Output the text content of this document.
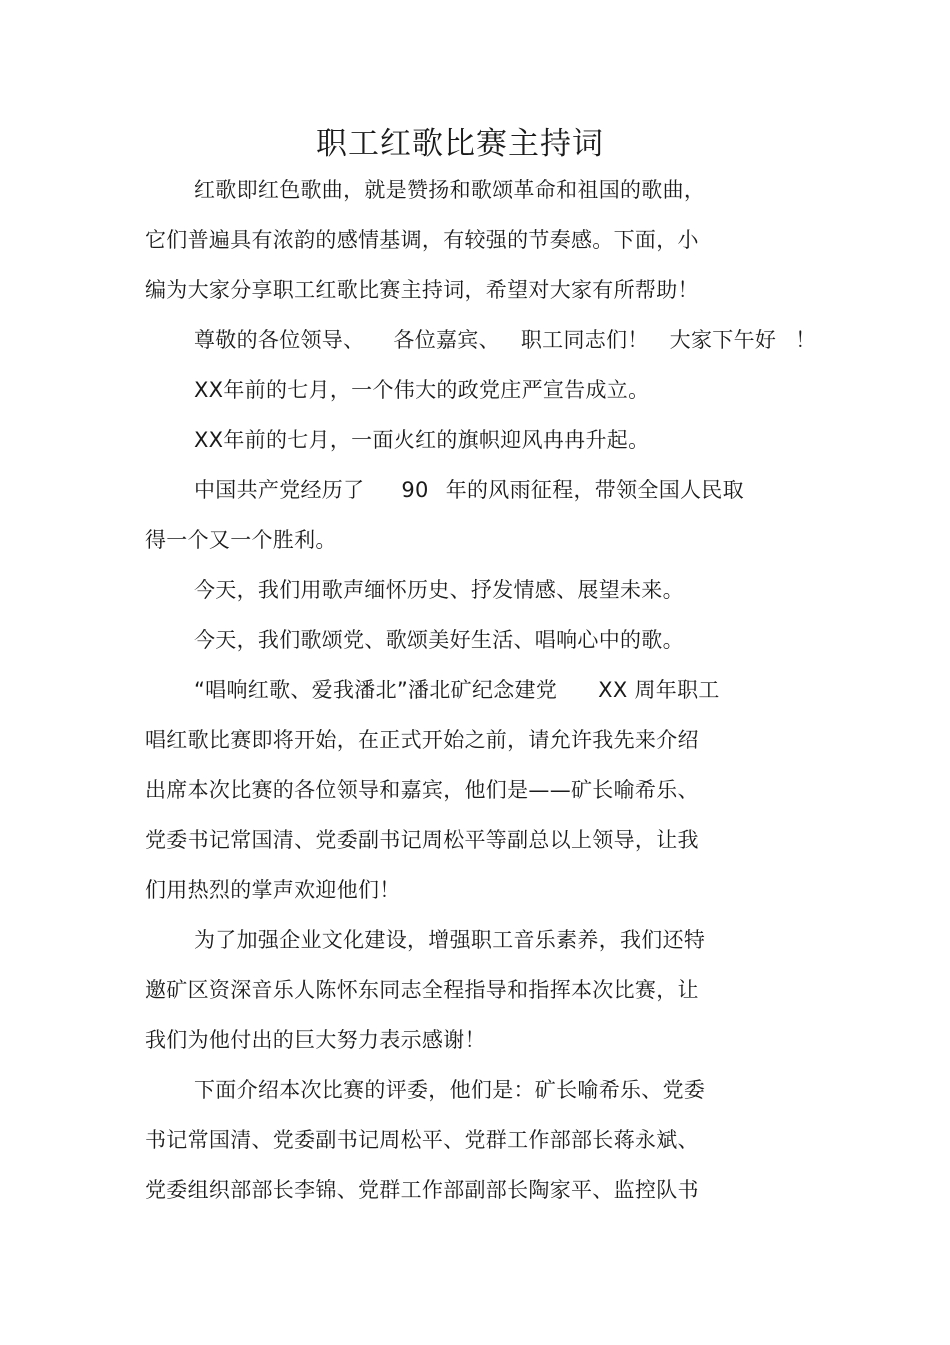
职工红歌比赛主持词
红歌即红色歌曲，就是赞扬和歌颂革命和祖国的歌曲，
它们普遍具有浓韵的感情基调，有较强的节奏感。下面，小
编为大家分享职工红歌比赛主持词，希望对大家有所帮助！
尊敬的各位领导、 各位嘉宾、 职工同志们！ 大家下午好 ！
XX年前的七月，一个伟大的政党庄严宣告成立。
XX年前的七月，一面火红的旗帜迎风冉冉升起。
中国共产党经历了 90 年的风雨征程，带领全国人民取
得一个又一个胜利。
今天，我们用歌声缅怀历史、抒发情感、展望未来。
今天，我们歌颂党、歌颂美好生活、唱响心中的歌。
“唱响红歌、爱我潘北”潘北矿纪念建党 XX 周年职工
唱红歌比赛即将开始，在正式开始之前，请允许我先来介绍
出席本次比赛的各位领导和嘉宾，他们是——矿长喻希乐、
党委书记常国清、党委副书记周松平等副总以上领导，让我
们用热烈的掌声欢迎他们！
为了加强企业文化建设，增强职工音乐素养，我们还特
邀矿区资深音乐人陈怀东同志全程指导和指挥本次比赛，让
我们为他付出的巨大努力表示感谢！
下面介绍本次比赛的评委，他们是：矿长喻希乐、党委
书记常国清、党委副书记周松平、党群工作部部长蒋永斌、
党委组织部部长李锦、党群工作部副部长陶家平、监控队书
